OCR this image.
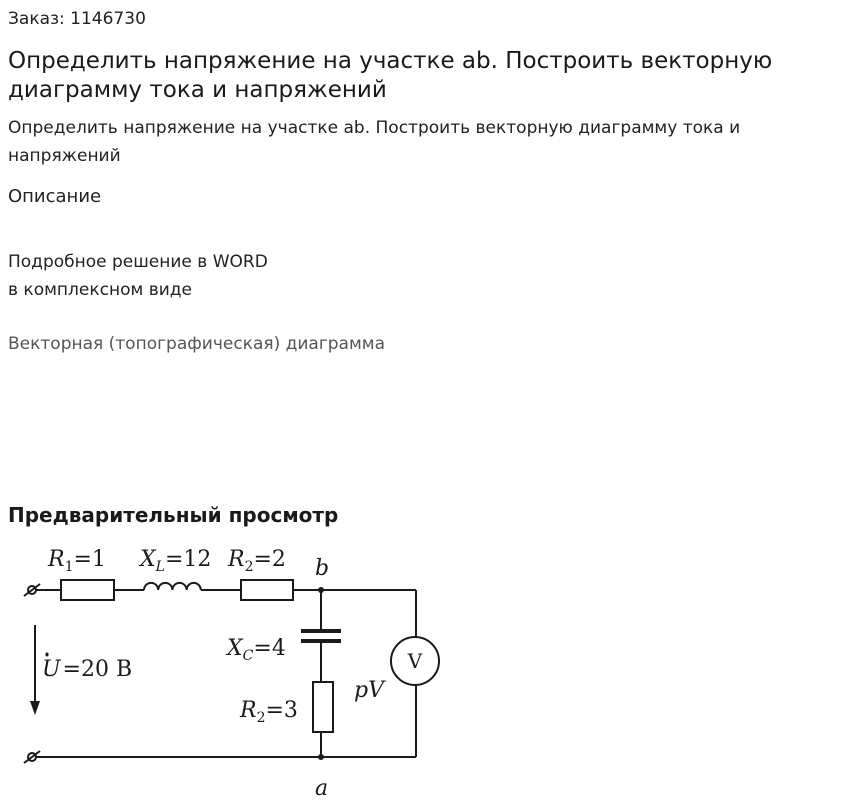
Заказ: 1146730
Определить напряжение на участке ab. Построить векторную диаграмму тока и напряжений

Определить напряжение на участке ab. Построить векторную диаграмму тока и напряжений

Описание
Подробное решение в WORD
в комплексном виде
Векторная (топографическая) диаграмма
Предварительный просмотр
$R_1=1$ $X_L=12$ $R_2=2$ b
$X_C=4$
$R_2=3$
U=20 В	V
pV
a
